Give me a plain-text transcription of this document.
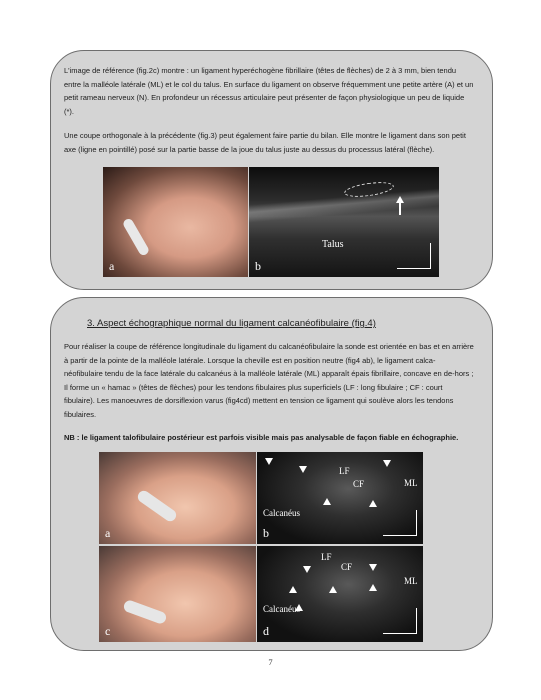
L'image de référence (fig.2c) montre : un ligament hyperéchogène fibrillaire (têtes de flèches) de 2 à 3 mm, bien tendu entre la malléole latérale (ML) et le col du talus. En surface du ligament on observe fréquemment une petite artère (A) et un petit rameau nerveux (N). En profondeur un récessus articulaire peut présenter de façon physiologique un peu de liquide (*).

Une coupe orthogonale à la précédente (fig.3) peut également faire partie du bilan. Elle montre le ligament dans son petit axe (ligne en pointillé) posé sur la partie basse de la joue du talus juste au dessus du processus latéral (flèche).

a
Talus
b
3. Aspect échographique normal du ligament calcanéofibulaire (fig.4)

Pour réaliser la coupe de référence longitudinale du ligament du calcanéofibulaire la sonde est orientée en bas et en arrière à partir de la pointe de la malléole latérale. Lorsque la cheville est en position neutre (fig4 ab), le ligament calca-néofibulaire tendu de la face latérale du calcanéus à la malléole latérale (ML) apparaît épais fibrillaire, concave en de-hors ; Il forme un « hamac » (têtes de flèches) pour les tendons fibulaires plus superficiels (LF : long fibulaire ; CF : court fibulaire). Les manoeuvres de dorsiflexion varus (fig4cd) mettent en tension ce ligament qui soulève alors les tendons fibulaires.

NB : le ligament talofibulaire postérieur est parfois visible mais pas analysable de façon fiable en échographie.

a
LF
CF	ML
Calcanéus
b
c
LF
CF
ML
Calcanéus
d
7
